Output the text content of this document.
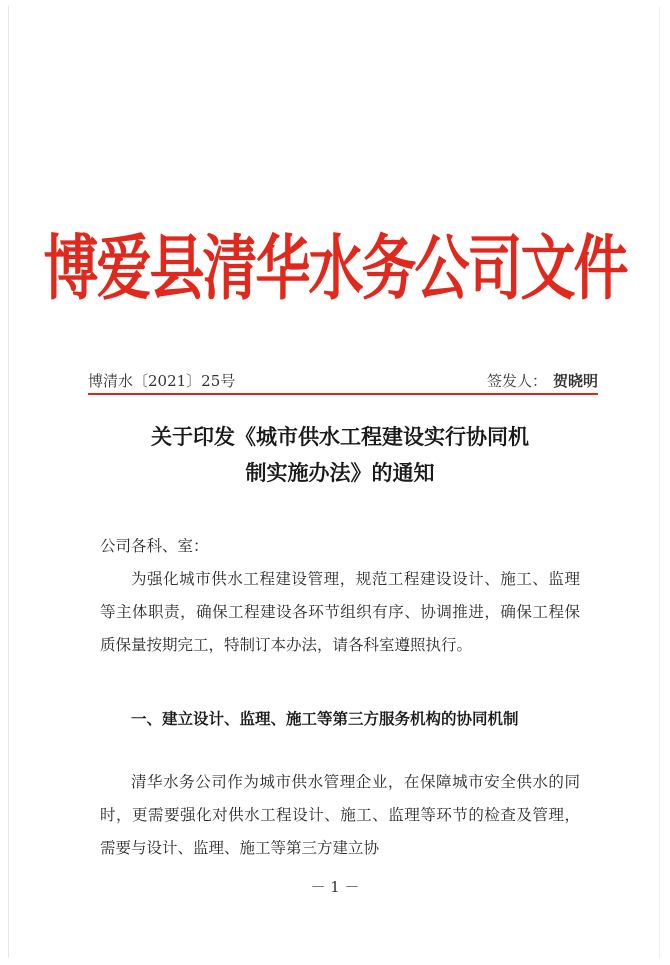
博爱县清华水务公司文件
博清水〔2021〕25号	签发人： 贺晓明
关于印发《城市供水工程建设实行协同机
制实施办法》的通知
公司各科、室：
为强化城市供水工程建设管理，规范工程建设设计、施工、监理等主体职责，确保工程建设各环节组织有序、协调推进，确保工程保质保量按期完工，特制订本办法，请各科室遵照执行。
一、建立设计、监理、施工等第三方服务机构的协同机制
清华水务公司作为城市供水管理企业，在保障城市安全供水的同时，更需要强化对供水工程设计、施工、监理等环节的检查及管理，需要与设计、监理、施工等第三方建立协
－ 1 －
